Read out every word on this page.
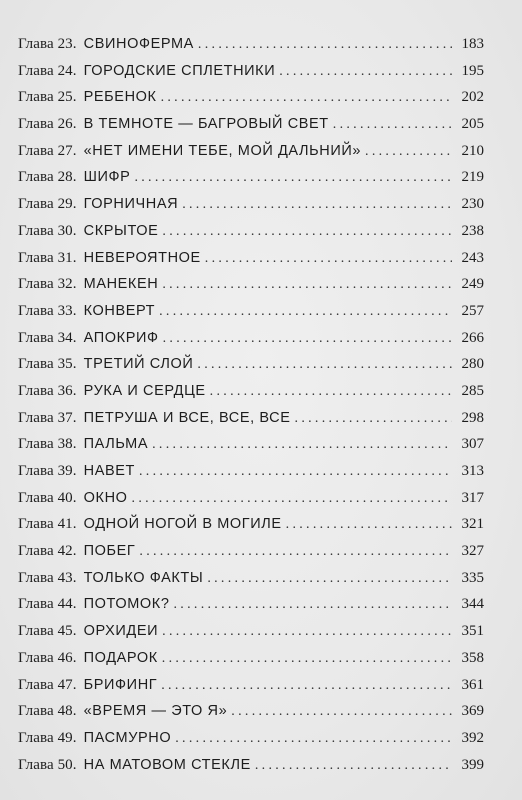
Глава 23. СВИНОФЕРМА . . .	183
Глава 24. ГОРОДСКИЕ СПЛЕТНИКИ . . .	195
Глава 25. РЕБЕНОК . . .	202
Глава 26. В ТЕМНОТЕ — БАГРОВЫЙ СВЕТ . . .	205
Глава 27. «НЕТ ИМЕНИ ТЕБЕ, МОЙ ДАЛЬНИЙ» . . .	210
Глава 28. ШИФР . . .	219
Глава 29. ГОРНИЧНАЯ . . .	230
Глава 30. СКРЫТОЕ . . .	238
Глава 31. НЕВЕРОЯТНОЕ . . .	243
Глава 32. МАНЕКЕН . . .	249
Глава 33. КОНВЕРТ . . .	257
Глава 34. АПОКРИФ . . .	266
Глава 35. ТРЕТИЙ СЛОЙ . . .	280
Глава 36. РУКА И СЕРДЦЕ . . .	285
Глава 37. ПЕТРУША И ВСЕ, ВСЕ, ВСЕ . . .	298
Глава 38. ПАЛЬМА . . .	307
Глава 39. НАВЕТ . . .	313
Глава 40. ОКНО . . .	317
Глава 41. ОДНОЙ НОГОЙ В МОГИЛЕ . . .	321
Глава 42. ПОБЕГ . . .	327
Глава 43. ТОЛЬКО ФАКТЫ . . .	335
Глава 44. ПОТОМОК? . . .	344
Глава 45. ОРХИДЕИ . . .	351
Глава 46. ПОДАРОК . . .	358
Глава 47. БРИФИНГ . . .	361
Глава 48. «ВРЕМЯ — ЭТО Я» . . .	369
Глава 49. ПАСМУРНО . . .	392
Глава 50. НА МАТОВОМ СТЕКЛЕ . . .	399
